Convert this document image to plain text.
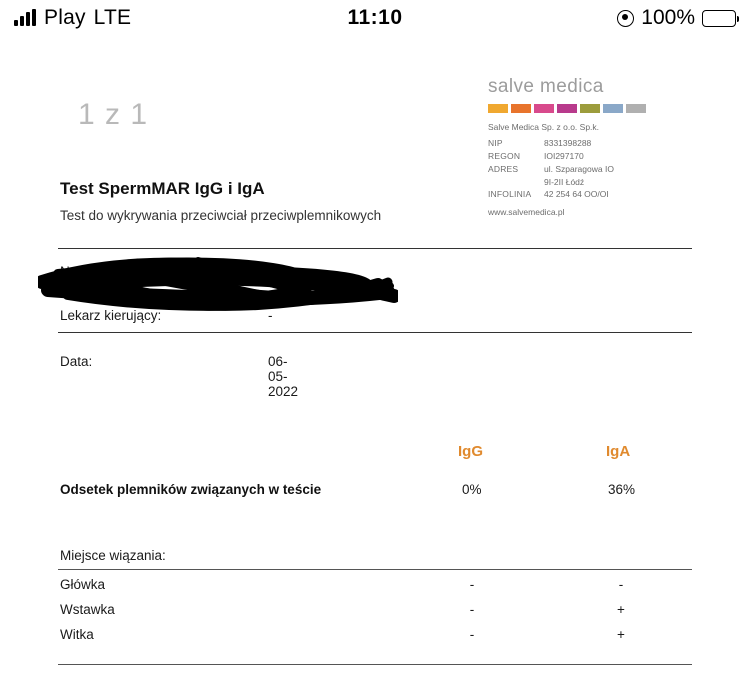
Play LTE	11:10	100%
1 z 1
salve medica
Salve Medica Sp. z o.o. Sp.k.
NIP	8331398288
REGON	IOI297170
ADRES	ul. Szparagowa IO
9I-2II Łódź
INFOLINIA	42 254 64 OO/OI
www.salvemedica.pl
Test SpermMAR IgG i IgA
Test do wykrywania przeciwciał przeciwplemnikowych
Nazwisko:
Pesel:
Lekarz kierujący:	-
Data:	06-05-2022
IgG	IgA
Odsetek plemników związanych w teście	0%	36%
Miejsce wiązania:
Główka	-	-
Wstawka	-	+
Witka	-	+
